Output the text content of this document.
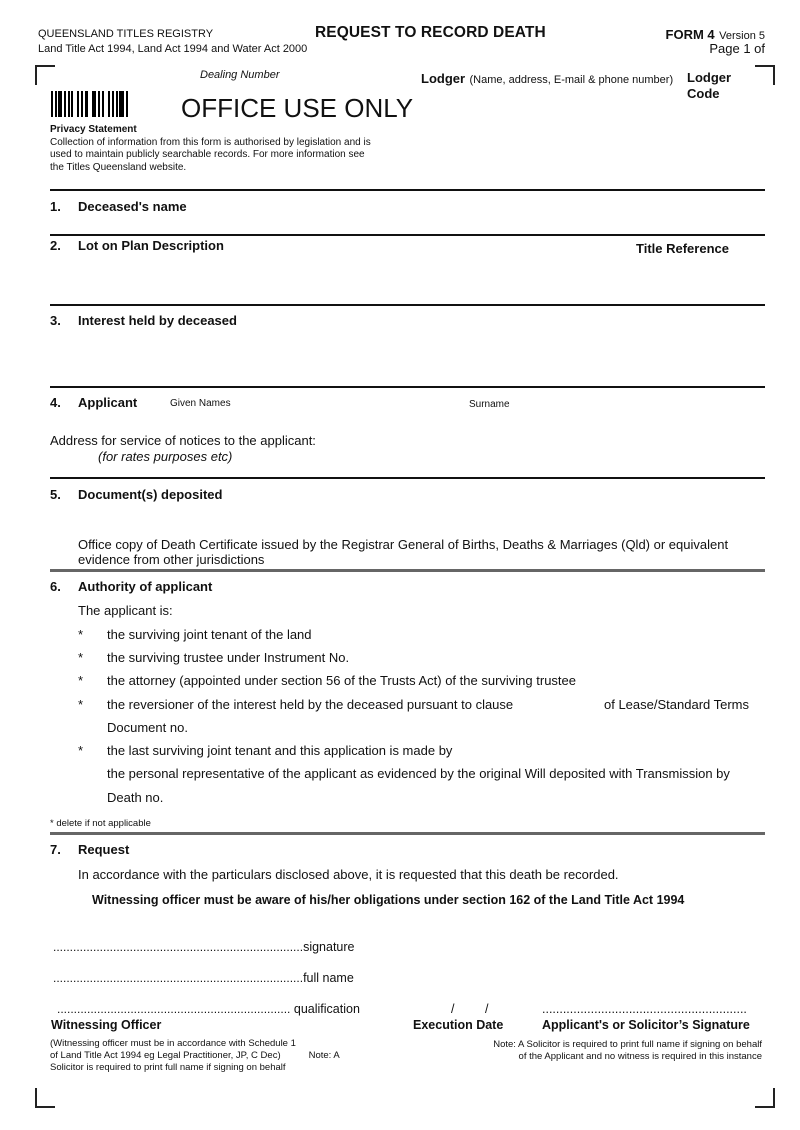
QUEENSLAND TITLES REGISTRY
Land Title Act 1994, Land Act 1994 and Water Act 2000
REQUEST TO RECORD DEATH	FORM 4 Version 5
Page 1 of
Dealing Number
OFFICE USE ONLY
Lodger (Name, address, E-mail & phone number) Lodger
Code
Privacy Statement
Collection of information from this form is authorised by legislation and is
used to maintain publicly searchable records. For more information see
the Titles Queensland website.
1. Deceased's name
2. Lot on Plan Description	Title Reference
3. Interest held by deceased
4. Applicant	Given Names	Surname
Address for service of notices to the applicant:
(for rates purposes etc)
5. Document(s) deposited
Office copy of Death Certificate issued by the Registrar General of Births, Deaths & Marriages (Qld) or equivalent
evidence from other jurisdictions
6. Authority of applicant
The applicant is:
* the surviving joint tenant of the land
* the surviving trustee under Instrument No.
* the attorney (appointed under section 56 of the Trusts Act) of the surviving trustee
* the reversioner of the interest held by the deceased pursuant to clause	of Lease/Standard Terms
Document no.
* the last surviving joint tenant and this application is made by
the personal representative of the applicant as evidenced by the original Will deposited with Transmission by
Death no.
* delete if not applicable
7. Request
In accordance with the particulars disclosed above, it is requested that this death be recorded.
Witnessing officer must be aware of his/her obligations under section 162 of the Land Title Act 1994
...........................................................................signature
...........................................................................full name
...................................................................... qualification
Witnessing Officer
/ /
Execution Date
...........................................................
Applicant's or Solicitor’s Signature
(Witnessing officer must be in accordance with Schedule 1
of Land Title Act 1994 eg Legal Practitioner, JP, C Dec)	Note: A
Solicitor is required to print full name if signing on behalf
Note: A Solicitor is required to print full name if signing on behalf
of the Applicant and no witness is required in this instance
